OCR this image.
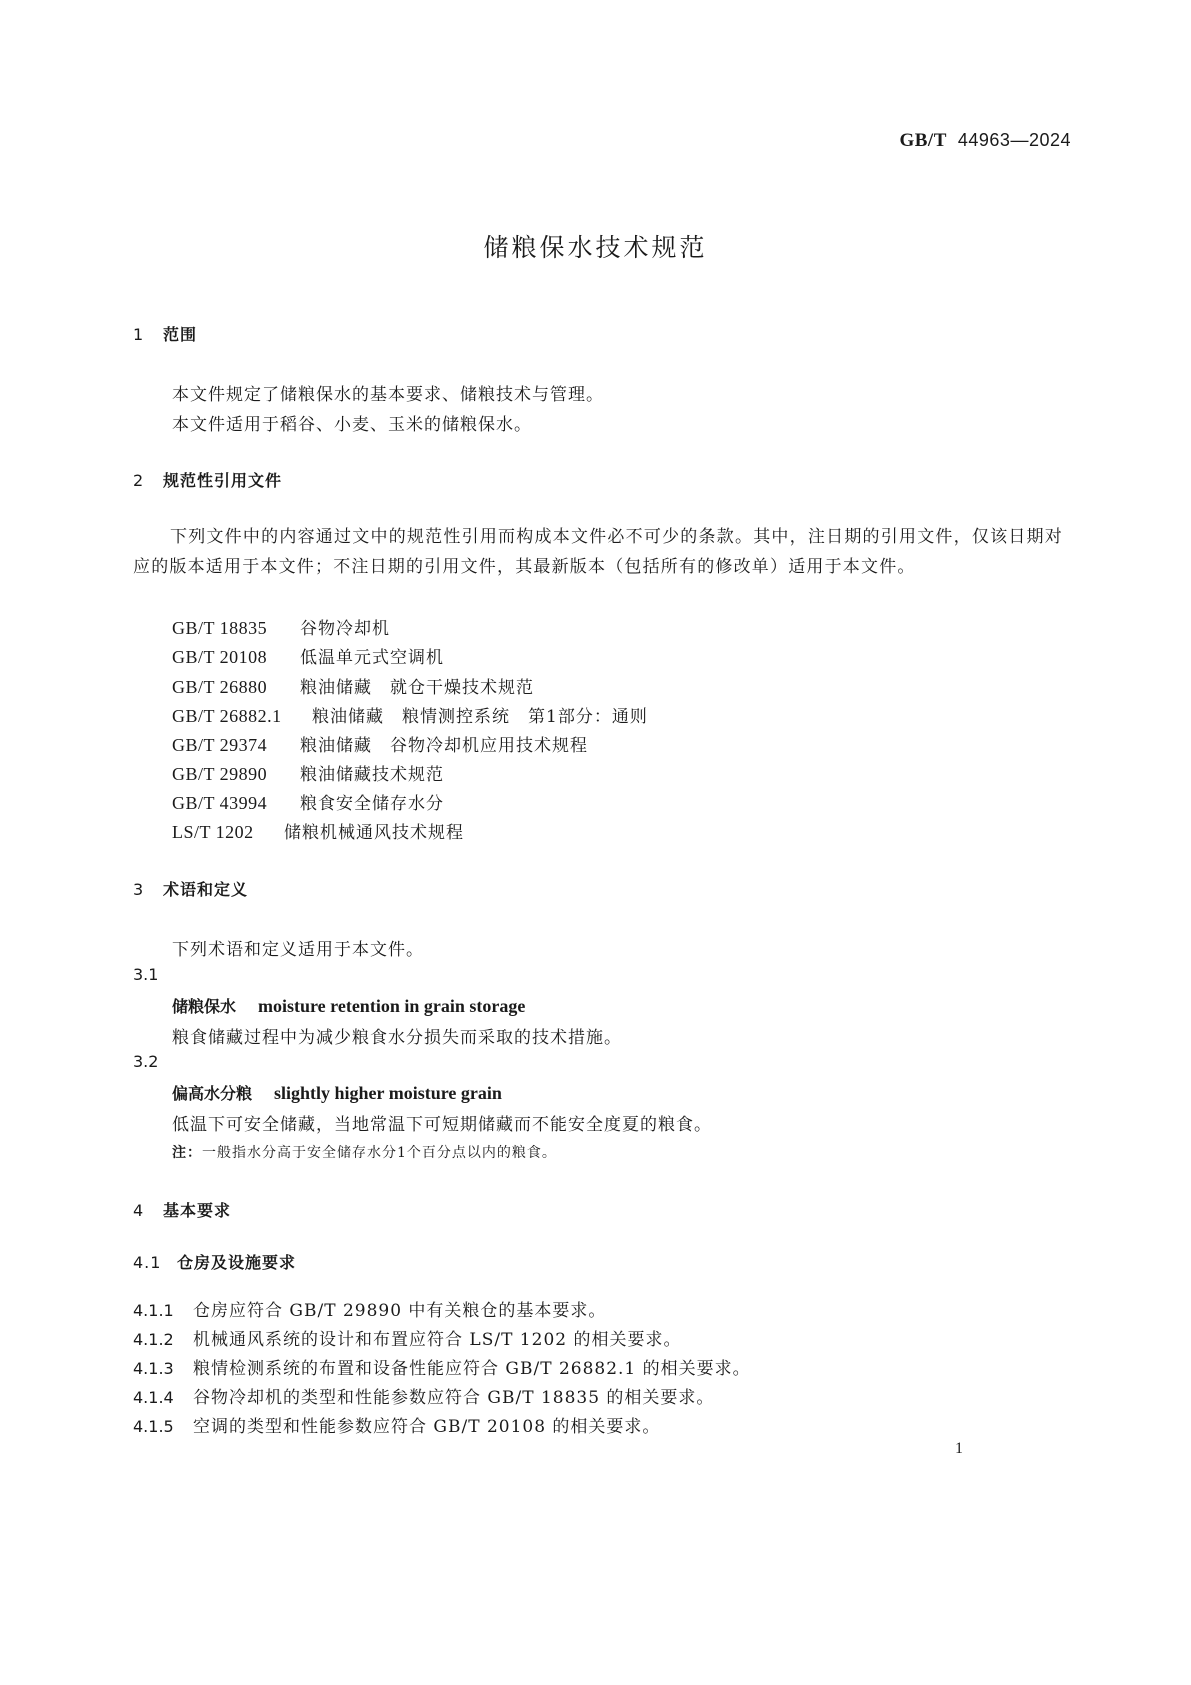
GB/T 44963—2024
储粮保水技术规范
1 范围
本文件规定了储粮保水的基本要求、储粮技术与管理。
本文件适用于稻谷、小麦、玉米的储粮保水。
2 规范性引用文件
下列文件中的内容通过文中的规范性引用而构成本文件必不可少的条款。其中，注日期的引用文件，仅该日期对应的版本适用于本文件；不注日期的引用文件，其最新版本（包括所有的修改单）适用于本文件。
GB/T 18835 谷物冷却机
GB/T 20108 低温单元式空调机
GB/T 26880 粮油储藏　就仓干燥技术规范
GB/T 26882.1 粮油储藏　粮情测控系统　第1部分：通则
GB/T 29374 粮油储藏　谷物冷却机应用技术规程
GB/T 29890 粮油储藏技术规范
GB/T 43994 粮食安全储存水分
LS/T 1202 储粮机械通风技术规程
3 术语和定义
下列术语和定义适用于本文件。
3.1
储粮保水 moisture retention in grain storage
粮食储藏过程中为减少粮食水分损失而采取的技术措施。
3.2
偏高水分粮 slightly higher moisture grain
低温下可安全储藏，当地常温下可短期储藏而不能安全度夏的粮食。
注：一般指水分高于安全储存水分1个百分点以内的粮食。
4 基本要求
4.1 仓房及设施要求
4.1.1 仓房应符合 GB/T 29890 中有关粮仓的基本要求。
4.1.2 机械通风系统的设计和布置应符合 LS/T 1202 的相关要求。
4.1.3 粮情检测系统的布置和设备性能应符合 GB/T 26882.1 的相关要求。
4.1.4 谷物冷却机的类型和性能参数应符合 GB/T 18835 的相关要求。
4.1.5 空调的类型和性能参数应符合 GB/T 20108 的相关要求。
1
